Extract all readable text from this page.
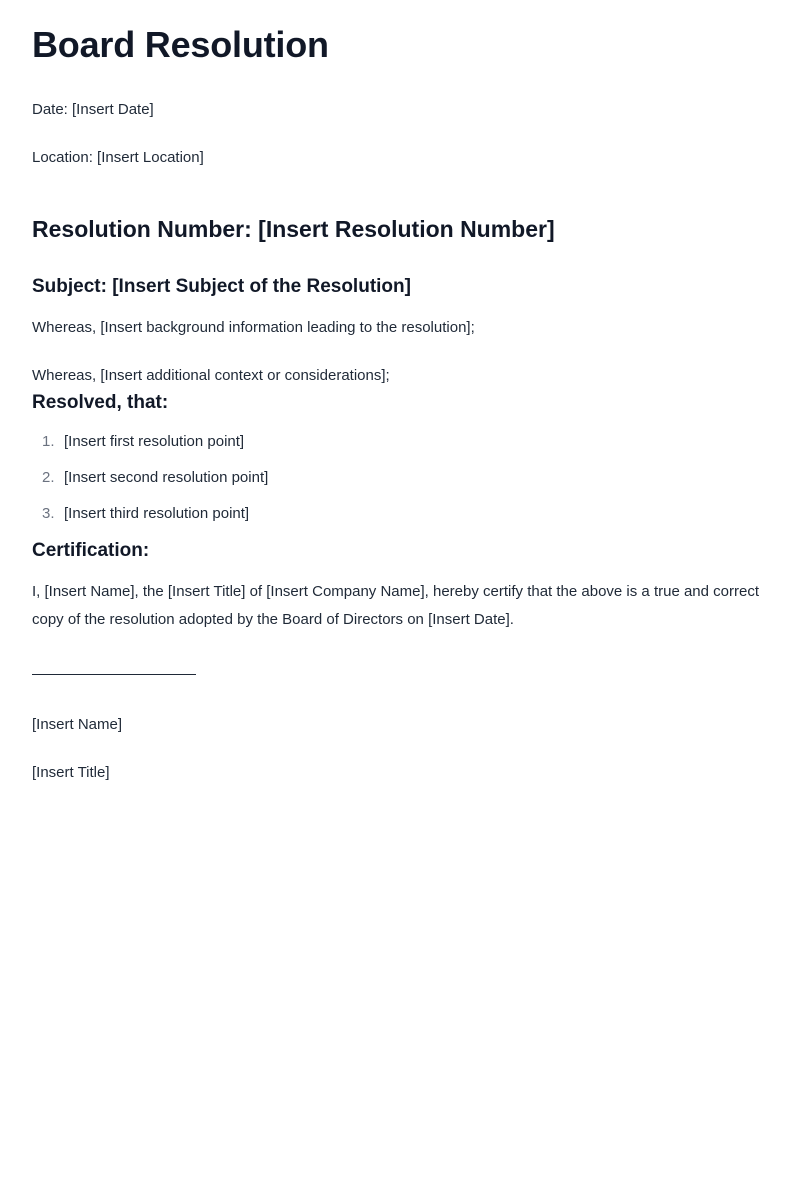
Board Resolution

Date: [Insert Date]

Location: [Insert Location]

Resolution Number: [Insert Resolution Number]
Subject: [Insert Subject of the Resolution]

Whereas, [Insert background information leading to the resolution];

Whereas, [Insert additional context or considerations];

Resolved, that:
1. [Insert first resolution point]
2. [Insert second resolution point]
3. [Insert third resolution point]
Certification:

I, [Insert Name], the [Insert Title] of [Insert Company Name], hereby certify that the above is a true and correct copy of the resolution adopted by the Board of Directors on [Insert Date].

[Insert Name]

[Insert Title]
